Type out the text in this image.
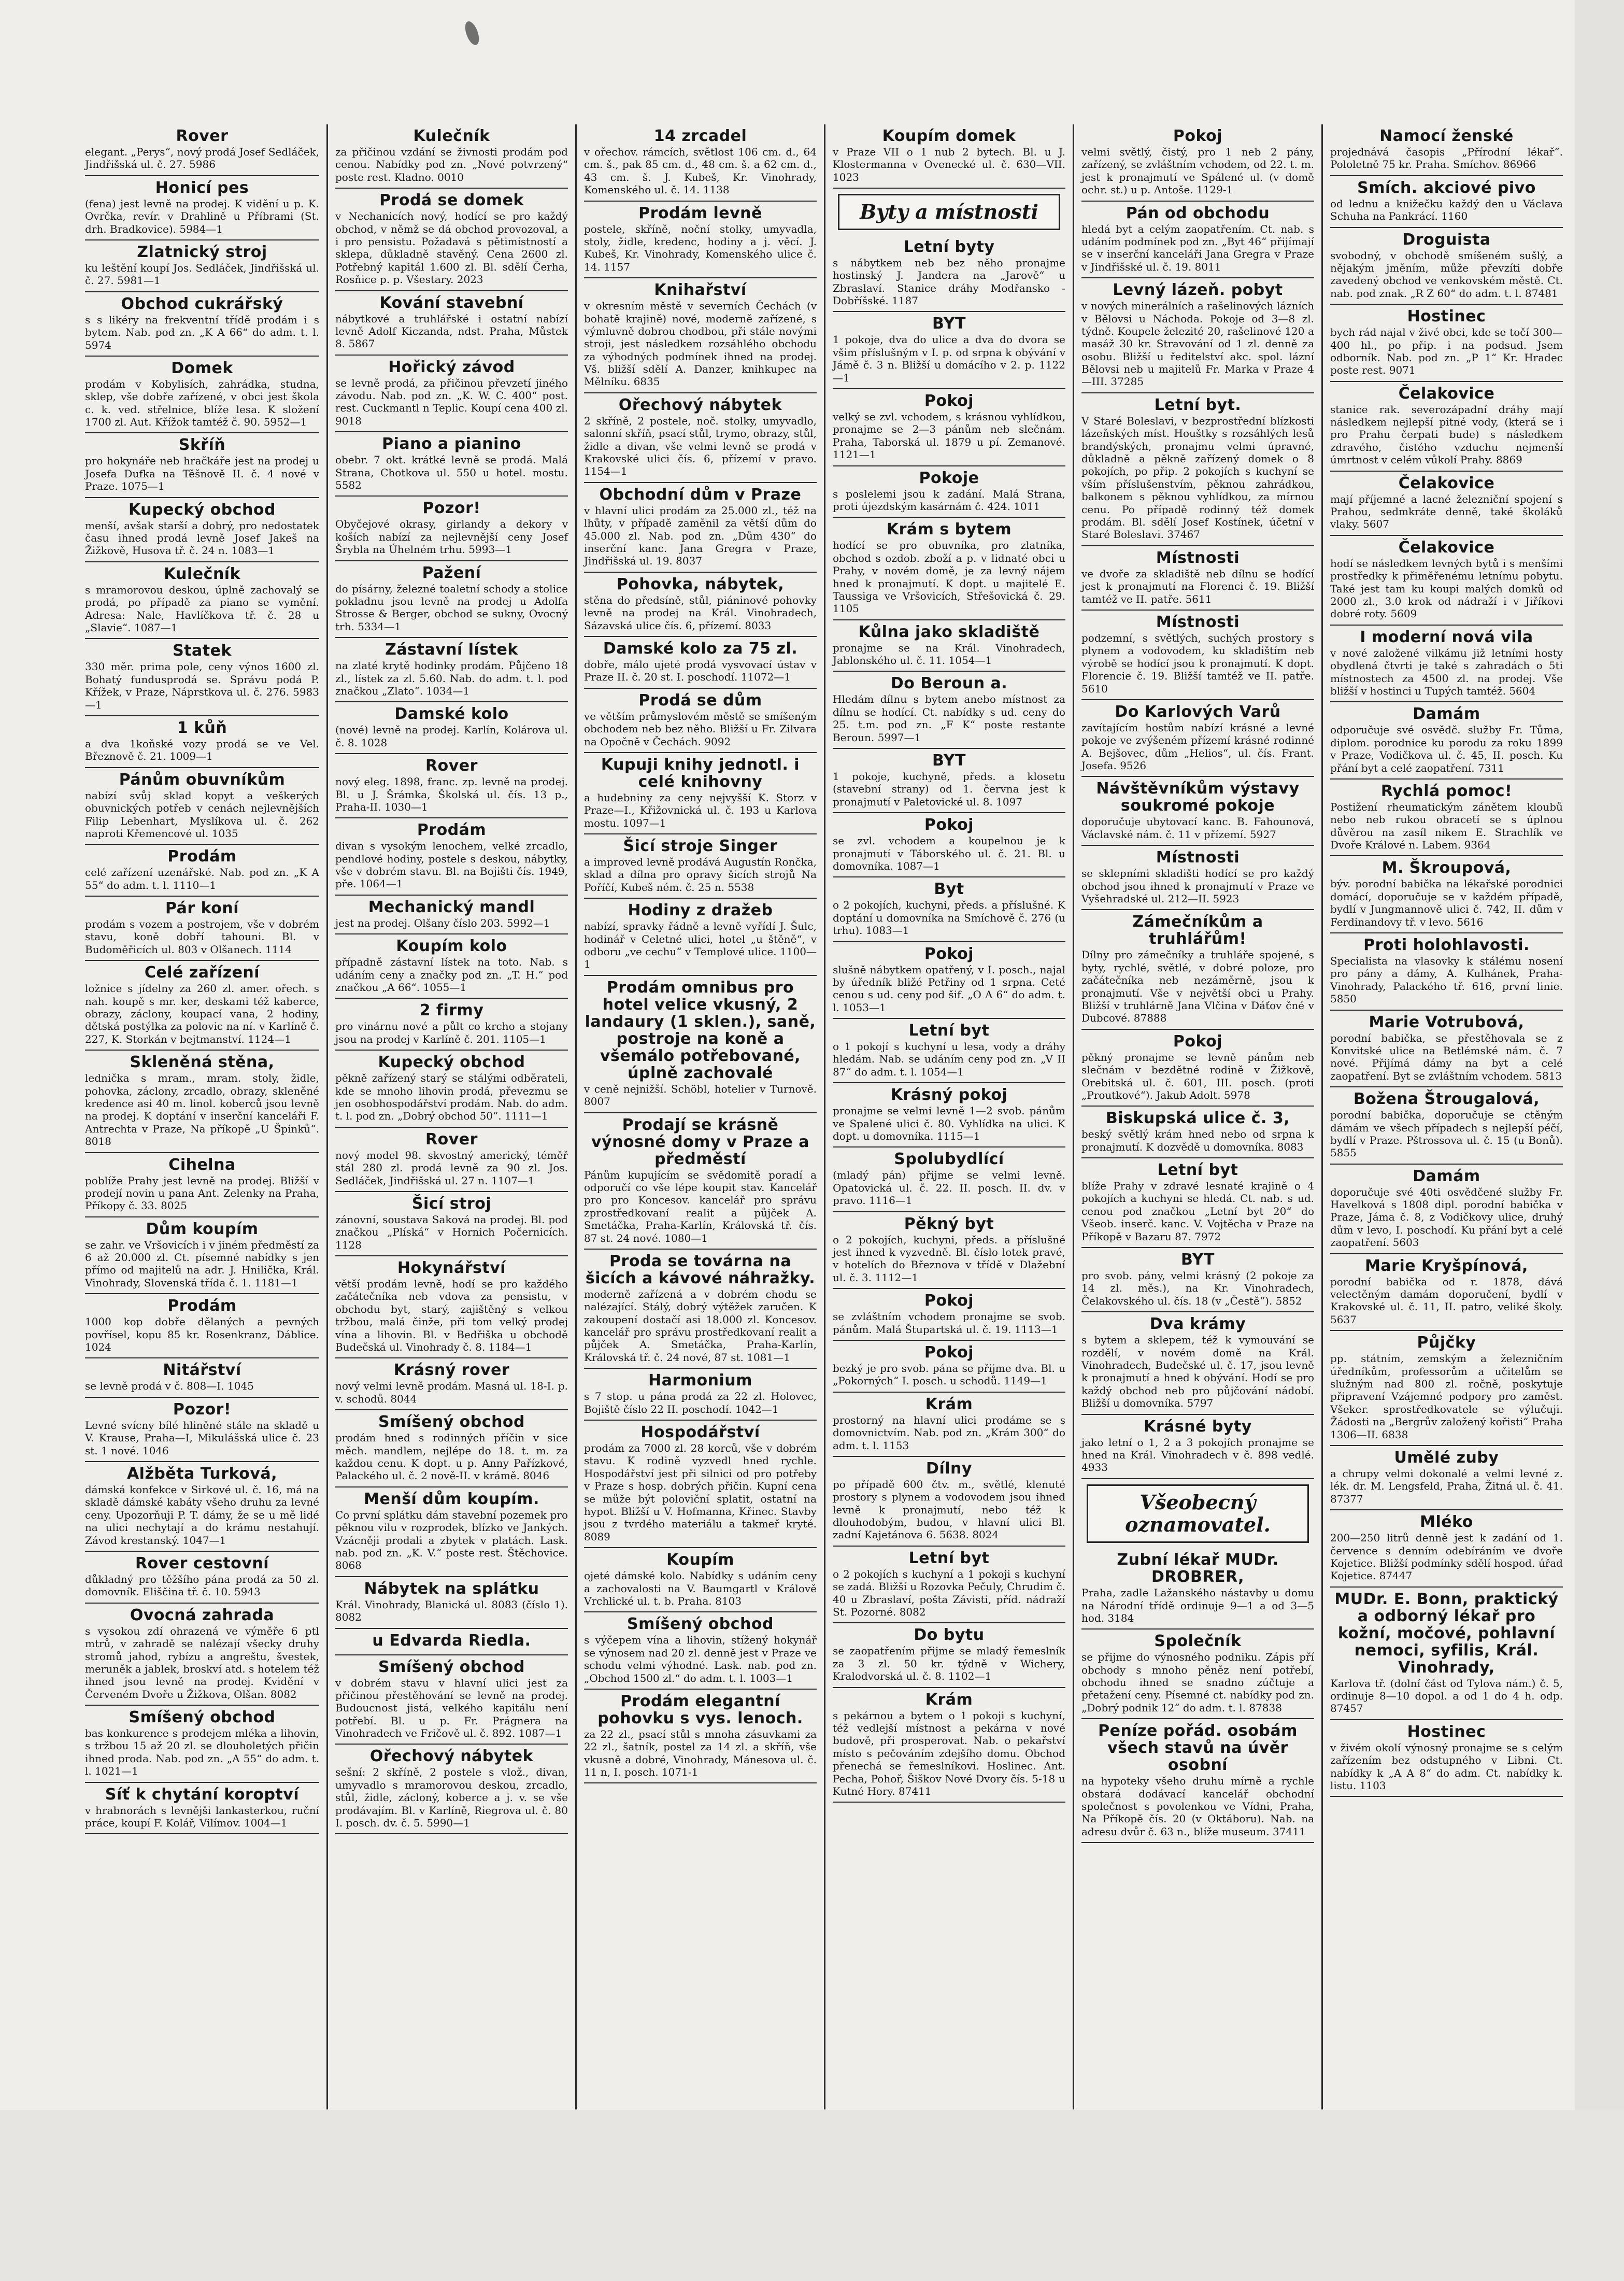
Rover
elegant. „Perys“, nový prodá Josef Sedláček, Jindřišská ul. č. 27. 5986
Honicí pes
(fena) jest levně na prodej. K vidění u p. K. Ovrčka, revír. v Drahlině u Příbrami (St. drh. Bradkovice). 5984—1
Zlatnický stroj
ku leštění koupí Jos. Sedláček, Jindřišská ul. č. 27. 5981—1
Obchod cukrářský
s s likéry na frekventní třídě prodám i s bytem. Nab. pod zn. „K A 66“ do adm. t. l. 5974
Domek
prodám v Kobylisích, zahrádka, studna, sklep, vše dobře zařízené, v obci jest škola c. k. ved. střelnice, blíže lesa. K složení 1700 zl. Aut. Křížok tamtéž č. 90. 5952—1
Skříň
pro hokynáře neb hračkáře jest na prodej u Josefa Dufka na Těšnově II. č. 4 nové v Praze. 1075—1
Kupecký obchod
menší, avšak starší a dobrý, pro nedostatek času ihned prodá levně Josef Jakeš na Žižkově, Husova tř. č. 24 n. 1083—1
Kulečník
s mramorovou deskou, úplně zachovalý se prodá, po případě za piano se vymění. Adresa: Nale, Havlíčkova tř. č. 28 u „Slavie“. 1087—1
Statek
330 měr. prima pole, ceny výnos 1600 zl. Bohatý fundusprodá se. Správu podá P. Křížek, v Praze, Náprstkova ul. č. 276. 5983—1
1 kůň
a dva 1koňské vozy prodá se ve Vel. Březnově č. 21. 1009—1
Pánům obuvníkům
nabízí svůj sklad kopyt a veškerých obuvnických potřeb v cenách nejlevnějších Filip Lebenhart, Myslíkova ul. č. 262 naproti Křemencové ul. 1035
Prodám
celé zařízení uzenářské. Nab. pod zn. „K A 55“ do adm. t. l. 1110—1
Pár koní
prodám s vozem a postrojem, vše v dobrém stavu, koně dobří tahouni. Bl. v Budoměřicích ul. 803 v Olšanech. 1114
Celé zařízení
ložnice s jídelny za 260 zl. amer. ořech. s nah. koupě s mr. ker, deskami též kaberce, obrazy, záclony, koupací vana, 2 hodiny, dětská postýlka za polovic na ní. v Karlíně č. 227, K. Storkán v bejtmanství. 1124—1
Skleněná stěna,
lednička s mram., mram. stoly, židle, pohovka, záclony, zrcadlo, obrazy, skleněné kredence asi 40 m. linol. koberců jsou levně na prodej. K doptání v inserční kanceláři F. Antrechta v Praze, Na příkopě „U Špinků“. 8018
Cihelna
poblíže Prahy jest levně na prodej. Bližší v prodejí novin u pana Ant. Zelenky na Praha, Příkopy č. 33. 8025
Dům koupím
se zahr. ve Vršovicích i v jiném předměstí za 6 až 20.000 zl. Ct. písemné nabídky s jen přímo od majitelů na adr. J. Hnilička, Král. Vinohrady, Slovenská třída č. 1. 1181—1
Prodám
1000 kop dobře dělaných a pevných povřísel, kopu 85 kr. Rosenkranz, Dáblice. 1024
Nitářství
se levně prodá v č. 808—I. 1045
Pozor!
Levné svícny bílé hliněné stále na skladě u V. Krause, Praha—I, Mikulášská ulice č. 23 st. 1 nové. 1046
Alžběta Turková,
dámská konfekce v Sirkové ul. č. 16, má na skladě dámské kabáty všeho druhu za levné ceny. Upozorňuji P. T. dámy, že se u mě lidé na ulici nechytají a do krámu nestahují. Závod krestanský. 1047—1
Rover cestovní
důkladný pro těžšího pána prodá za 50 zl. domovník. Eliščina tř. č. 10. 5943
Ovocná zahrada
s vysokou zdí ohrazená ve výměře 6 ptl mtrů, v zahradě se nalézají všecky druhy stromů jahod, rybízu a angreštu, švestek, meruněk a jablek, broskví atd. s hotelem též ihned jsou levně na prodej. Kvidění v Červeném Dvoře u Žižkova, Olšan. 8082
Smíšený obchod
bas konkurence s prodejem mléka a lihovin, s tržbou 15 až 20 zl. se dlouholetých přičin ihned proda. Nab. pod zn. „A 55“ do adm. t. l. 1021—1
Síť k chytání koroptví
v hrabnorách s levnějši lankasterkou, ruční práce, koupí F. Kolář, Vilímov. 1004—1
Kulečník
za přičinou vzdání se živnosti prodám pod cenou. Nabídky pod zn. „Nové potvrzený“ poste rest. Kladno. 0010
Prodá se domek
v Nechanicích nový, hodící se pro každý obchod, v němž se dá obchod provozoval, a i pro pensistu. Požadavá s pětimístností a sklepa, důkladně stavěný. Cena 2600 zl. Potřebný kapitál 1.600 zl. Bl. sdělí Čerha, Rosňice p. p. Všestary. 2023
Kování stavební
nábytkové a truhlářské i ostatní nabízí levně Adolf Kiczanda, ndst. Praha, Můstek 8. 5867
Hořický závod
se levně prodá, za přičinou převzetí jiného závodu. Nab. pod zn. „K. W. C. 400“ post. rest. Cuckmantl n Teplic. Koupí cena 400 zl. 9018
Piano a pianino
obebr. 7 okt. krátké levně se prodá. Malá Strana, Chotkova ul. 550 u hotel. mostu. 5582
Pozor!
Obyčejové okrasy, girlandy a dekory v koších nabízí za nejlevnější ceny Josef Šrybla na Úhelném trhu. 5993—1
Pažení
do písárny, železné toaletní schody a stolice pokladnu jsou levně na prodej u Adolfa Strosse & Berger, obchod se sukny, Ovocný trh. 5334—1
Zástavní lístek
na zlaté krytě hodinky prodám. Půjčeno 18 zl., lístek za zl. 5.60. Nab. do adm. t. l. pod značkou „Zlato“. 1034—1
Damské kolo
(nové) levně na prodej. Karlín, Kolárova ul. č. 8. 1028
Rover
nový eleg. 1898, franc. zp. levně na prodej. Bl. u J. Šrámka, Školská ul. čís. 13 p., Praha-II. 1030—1
Prodám
divan s vysokým lenochem, velké zrcadlo, pendlové hodiny, postele s deskou, nábytky, vše v dobrém stavu. Bl. na Bojišti čís. 1949, pře. 1064—1
Mechanický mandl
jest na prodej. Olšany číslo 203. 5992—1
Koupím kolo
případně zástavní lístek na toto. Nab. s udáním ceny a značky pod zn. „T. H.“ pod značkou „A 66“. 1055—1
2 firmy
pro vinárnu nové a půlt co krcho a stojany jsou na prodej v Karlíně č. 201. 1105—1
Kupecký obchod
pěkně zařízený starý se stálými odběrateli, kde se mnoho lihovin prodá, převezmu se jen osobhospodářství prodám. Nab. do adm. t. l. pod zn. „Dobrý obchod 50“. 1111—1
Rover
nový model 98. skvostný americký, téměř stál 280 zl. prodá levně za 90 zl. Jos. Sedláček, Jindřišská ul. 27 n. 1107—1
Šicí stroj
zánovní, soustava Saková na prodej. Bl. pod značkou „Plíská“ v Hornich Počernicích. 1128
Hokynářství
větší prodám levně, hodí se pro každého začátečníka neb vdova za pensistu, v obchodu byt, starý, zajištěný s velkou tržbou, malá činže, při tom velký prodej vína a lihovin. Bl. v Bedřiška u obchodě Budečská ul. Vinohrady č. 8. 1184—1
Krásný rover
nový velmi levně prodám. Masná ul. 18-I. p. v. schodů. 8044
Smíšený obchod
prodám hned s rodinných příčin v sice měch. mandlem, nejlépe do 18. t. m. za každou cenu. K dopt. u p. Anny Pařízkové, Palackého ul. č. 2 nově-II. v krámě. 8046
Menší dům koupím.
Co první splátku dám stavební pozemek pro pěknou vilu v rozprodek, blízko ve Jankých. Vzácněji prodali a zbytek v platách. Lask. nab. pod zn. „K. V.“ poste rest. Štěchovice. 8068
Nábytek na splátku
Král. Vinohrady, Blanická ul. 8083 (číslo 1). 8082
u Edvarda Riedla.
Smíšený obchod
v dobrém stavu v hlavní ulici jest za přičinou přestěhování se levně na prodej. Budoucnost jistá, velkého kapitálu není potřebí. Bl. u p. Fr. Prágnera na Vinohradech ve Fričově ul. č. 892. 1087—1
Ořechový nábytek
sešní: 2 skříně, 2 postele s vlož., divan, umyvadlo s mramorovou deskou, zrcadlo, stůl, židle, zácloný, koberce a j. v. se vše prodávajím. Bl. v Karlíně, Riegrova ul. č. 80 I. posch. dv. č. 5. 5990—1
14 zrcadel
v ořechov. rámcích, světlost 106 cm. d., 64 cm. š., pak 85 cm. d., 48 cm. š. a 62 cm. d., 43 cm. š. J. Kubeš, Kr. Vinohrady, Komenského ul. č. 14. 1138
Prodám levně
postele, skříně, noční stolky, umyvadla, stoly, židle, kredenc, hodiny a j. věcí. J. Kubeš, Kr. Vinohrady, Komenského ulice č. 14. 1157
Knihařství
v okresním městě v severních Čechách (v bohatě krajině) nové, moderně zařízené, s výmluvně dobrou chodbou, při stále novými stroji, jest následkem rozsáhlého obchodu za výhodných podmínek ihned na prodej. Vš. bližší sdělí A. Danzer, knihkupec na Mělníku. 6835
Ořechový nábytek
2 skříně, 2 postele, noč. stolky, umyvadlo, salonní skříň, psací stůl, trymo, obrazy, stůl, židle a divan, vše velmi levně se prodá v Krakovské ulici čís. 6, přízemí v pravo. 1154—1
Obchodní dům v Praze
v hlavní ulici prodám za 25.000 zl., též na lhůty, v případě zaměnil za větší dům do 45.000 zl. Nab. pod zn. „Dům 430“ do inserční kanc. Jana Gregra v Praze, Jindřišská ul. 19. 8037
Pohovka, nábytek,
stěna do předsíně, stůl, piáninové pohovky levně na prodej na Král. Vinohradech, Sázavská ulice čís. 6, přízemí. 8033
Damské kolo za 75 zl.
dobře, málo ujeté prodá vysvovací ústav v Praze II. č. 20 st. I. poschodí. 11072—1
Prodá se dům
ve větším průmyslovém městě se smíšeným obchodem neb bez něho. Bližší u Fr. Zilvara na Opočně v Čechách. 9092
Kupuji knihy jednotl. i celé knihovny
a hudebniny za ceny nejvyšší K. Storz v Praze—I., Křižovnická ul. č. 193 u Karlova mostu. 1097—1
Šicí stroje Singer
a improved levně prodává Augustín Rončka, sklad a dílna pro opravy šicích strojů Na Poříčí, Kubeš ném. č. 25 n. 5538
Hodiny z dražeb
nabízí, spravky řádně a levně vyřídí J. Šulc, hodinář v Celetné ulici, hotel „u štěně“, v odboru „ve cechu“ v Templové ulice. 1100—1
Prodám omnibus pro hotel velice vkusný, 2 landaury (1 sklen.), saně, postroje na koně a všemálo potřebované, úplně zachovalé
v ceně nejnižší. Schöbl, hotelier v Turnově. 8007
Prodají se krásně výnosné domy v Praze a předměstí
Pánům kupujícím se svědomitě poradí a odporučí co vše lépe koupit stav. Kancelář pro pro Koncesov. kancelář pro správu zprostředkovaní realit a půjček A. Smetáčka, Praha-Karlín, Královská tř. čís. 87 st. 24 nové. 1080—1
Proda se továrna na šicích a kávové náhražky.
moderně zařízená a v dobrém chodu se nalézající. Stálý, dobrý výtěžek zaručen. K zakoupení dostačí asi 18.000 zl. Koncesov. kancelář pro správu prostředkovaní realit a půjček A. Smetáčka, Praha-Karlín, Královská tř. č. 24 nové, 87 st. 1081—1
Harmonium
s 7 stop. u pána prodá za 22 zl. Holovec, Bojiště číslo 22 II. poschodí. 1042—1
Hospodářství
prodám za 7000 zl. 28 korců, vše v dobrém stavu. K rodině vyzvedl hned rychle. Hospodářství jest při silnici od pro potřeby v Praze s hosp. dobrých přičin. Kupní cena se může být poloviční splatit, ostatní na hypot. Bližší u V. Hofmanna, Křinec. Stavby jsou z tvrdého materiálu a takmeř kryté. 8089
Koupím
ojeté dámské kolo. Nabídky s udáním ceny a zachovalosti na V. Baumgartl v Králově Vrchlické ul. t. b. Praha. 8103
Smíšený obchod
s výčepem vína a lihovin, stížený hokynář se výnosem nad 20 zl. denně jest v Praze ve schodu velmi výhodné. Lask. nab. pod zn. „Obchod 1500 zl.“ do adm. t. l. 1003—1
Prodám elegantní pohovku s vys. lenoch.
za 22 zl., psací stůl s mnoha zásuvkami za 22 zl., šatník, postel za 14 zl. a skříň, vše vkusně a dobré, Vinohrady, Mánesova ul. č. 11 n, I. posch. 1071-1
Koupím domek
v Praze VII o 1 nub 2 bytech. Bl. u J. Klostermanna v Ovenecké ul. č. 630—VII. 1023
Byty a místnosti
Letní byty
s nábytkem neb bez něho pronajme hostinský J. Jandera na „Jarově“ u Zbraslaví. Stanice dráhy Modřansko - Dobříšské. 1187
BYT
1 pokoje, dva do ulice a dva do dvora se všim příslušným v I. p. od srpna k obývání v Jámě č. 3 n. Bližší u domácího v 2. p. 1122—1
Pokoj
velký se zvl. vchodem, s krásnou vyhlídkou, pronajme se 2—3 pánům neb slečnám. Praha, Taborská ul. 1879 u pí. Zemanové. 1121—1
Pokoje
s poslelemi jsou k zadání. Malá Strana, proti újezdským kasárnám č. 424. 1011
Krám s bytem
hodící se pro obuvníka, pro zlatníka, obchod s ozdob. zboží a p. v lidnaté obci u Prahy, v novém domě, je za levný nájem hned k pronajmutí. K dopt. u majitelé E. Taussiga ve Vršovicích, Střešovická č. 29. 1105
Kůlna jako skladiště
pronajme se na Král. Vinohradech, Jablonského ul. č. 11. 1054—1
Do Beroun a.
Hledám dílnu s bytem anebo místnost za dílnu se hodící. Ct. nabídky s ud. ceny do 25. t.m. pod zn. „F K“ poste restante Beroun. 5997—1
BYT
1 pokoje, kuchyně, předs. a klosetu (stavební strany) od 1. června jest k pronajmutí v Paletovické ul. 8. 1097
Pokoj
se zvl. vchodem a koupelnou je k pronajmutí v Táborského ul. č. 21. Bl. u domovníka. 1087—1
Byt
o 2 pokojích, kuchyni, předs. a příslušné. K doptání u domovníka na Smíchově č. 276 (u trhu). 1083—1
Pokoj
slušně nábytkem opatřený, v I. posch., najal by úředník bližé Petřiny od 1 srpna. Ceté cenou s ud. ceny pod šif. „O A 6“ do adm. t. l. 1053—1
Letní byt
o 1 pokojí s kuchyní u lesa, vody a dráhy hledám. Nab. se udáním ceny pod zn. „V II 87“ do adm. t. l. 1054—1
Krásný pokoj
pronajme se velmi levně 1—2 svob. pánům ve Spalené ulici č. 80. Vyhlídka na ulici. K dopt. u domovníka. 1115—1
Spolubydlící
(mladý pán) přijme se velmi levně. Opatovická ul. č. 22. II. posch. II. dv. v pravo. 1116—1
Pěkný byt
o 2 pokojích, kuchyni, předs. a příslušné jest ihned k vyzvedně. Bl. číslo lotek pravé, v hotelích do Březnova v třídě v Dlažební ul. č. 3. 1112—1
Pokoj
se zvláštním vchodem pronajme se svob. pánům. Malá Štupartská ul. č. 19. 1113—1
Pokoj
bezký je pro svob. pána se přijme dva. Bl. u „Pokorných“ I. posch. u schodů. 1149—1
Krám
prostorný na hlavní ulici prodáme se s domovnictvím. Nab. pod zn. „Krám 300“ do adm. t. l. 1153
Dílny
po případě 600 čtv. m., světlé, klenuté prostory s plynem a vodovodem jsou ihned levně k pronajmutí, nebo též k dlouhodobým, budou, v hlavní ulici Bl. zadní Kajetánova 6. 5638. 8024
Letní byt
o 2 pokojích s kuchyní a 1 pokoji s kuchyní se zadá. Bližší u Rozovka Pečuly, Chrudim č. 40 u Zbraslaví, pošta Závisti, příd. nádraží St. Pozorné. 8082
Do bytu
se zaopatřením přijme se mladý řemeslník za 3 zl. 50 kr. týdně v Wichery, Kralodvorská ul. č. 8. 1102—1
Krám
s pekárnou a bytem o 1 pokoji s kuchyní, též vedlejší místnost a pekárna v nové budově, při prosperovat. Nab. o pekařství místo s pečováním zdejšího domu. Obchod přenechá se řemeslníkovi. Hoslinec. Ant. Pecha, Pohoř, Šiškov Nové Dvory čís. 5-18 u Kutné Hory. 87411
Pokoj
velmi světlý, čistý, pro 1 neb 2 pány, zařízený, se zvláštním vchodem, od 22. t. m. jest k pronajmutí ve Spálené ul. (v domě ochr. st.) u p. Antoše. 1129-1
Pán od obchodu
hledá byt a celým zaopatřením. Ct. nab. s udáním podmínek pod zn. „Byt 46“ přijímají se v inserční kanceláři Jana Gregra v Praze v Jindřišské ul. č. 19. 8011
Levný lázeň. pobyt
v nových minerálních a rašelinových lázních v Bělovsi u Náchoda. Pokoje od 3—8 zl. týdně. Koupele železité 20, rašelinové 120 a masáž 30 kr. Stravování od 1 zl. denně za osobu. Bližší u ředitelství akc. spol. lázní Bělovsi neb u majitelů Fr. Marka v Praze 4—III. 37285
Letní byt.
V Staré Boleslavi, v bezprostřední blízkosti lázeňských míst. Houštky s rozsáhlých lesů brandýských, pronajmu velmi úpravné, důkladně a pěkně zařízený domek o 8 pokojích, po přip. 2 pokojích s kuchyní se vším příslušenstvím, pěknou zahrádkou, balkonem s pěknou vyhlídkou, za mírnou cenu. Po případě rodinný též domek prodám. Bl. sdělí Josef Kostínek, účetní v Staré Boleslavi. 37467
Místnosti
ve dvoře za skladiště neb dílnu se hodící jest k pronajmutí na Florenci č. 19. Bližší tamtéž ve II. patře. 5611
Místnosti
podzemní, s světlých, suchých prostory s plynem a vodovodem, ku skladištím neb výrobě se hodící jsou k pronajmutí. K dopt. Florencie č. 19. Bližší tamtéž ve II. patře. 5610
Do Karlových Varů
zavítajícím hostům nabízí krásné a levné pokoje ve zvýšeném přízemí krásné rodinné A. Bejšovec, dům „Helios“, ul. čís. Frant. Josefa. 9526
Návštěvníkům výstavy soukromé pokoje
doporučuje ubytovací kanc. B. Fahounová, Václavské nám. č. 11 v přízemí. 5927
Místnosti
se sklepními skladišti hodící se pro každý obchod jsou ihned k pronajmutí v Praze ve Vyšehradské ul. 212—II. 5923
Zámečníkům a truhlářům!
Dílny pro zámečníky a truhláře spojené, s byty, rychlé, světlé, v dobré poloze, pro začátečníka neb nezáměrně, jsou k pronajmutí. Vše v největší obci u Prahy. Bližší v truhlárně Jana Vlčina v Dáťov čné v Dubcové. 87888
Pokoj
pěkný pronajme se levně pánům neb slečnám v bezdětné rodině v Žižkově, Orebitská ul. č. 601, III. posch. (proti „Proutkové“). Jakub Adolt. 5978
Biskupská ulice č. 3,
beský světlý krám hned nebo od srpna k pronajmutí. K dozvědě u domovníka. 8083
Letní byt
blíže Prahy v zdravé lesnaté krajině o 4 pokojích a kuchyni se hledá. Ct. nab. s ud. cenou pod značkou „Letní byt 20“ do Všeob. inserč. kanc. V. Vojtěcha v Praze na Příkopě v Bazaru 87. 7972
BYT
pro svob. pány, velmi krásný (2 pokoje za 14 zl. měs.), na Kr. Vinohradech, Čelakovského ul. čís. 18 (v „Čestě“). 5852
Dva krámy
s bytem a sklepem, též k vymouvání se rozdělí, v novém domě na Král. Vinohradech, Budečské ul. č. 17, jsou levně k pronajmutí a hned k obývání. Hodí se pro každý obchod neb pro půjčování nádobí. Bližší u domovníka. 5797
Krásné byty
jako letní o 1, 2 a 3 pokojích pronajme se hned na Král. Vinohradech v č. 898 vedlé. 4933
Všeobecný oznamovatel.
Zubní lékař MUDr. DROBRER,
Praha, zadle Lažanského nástavby u domu na Národní třídě ordinuje 9—1 a od 3—5 hod. 3184
Společník
se přijme do výnosného podniku. Zápis pří obchody s mnoho pěněz není potřebí, obchodu ihned se snadno zúčtuje a přetažení ceny. Písemné ct. nabídky pod zn. „Dobrý podnik 12“ do adm. t. l. 87838
Peníze pořád. osobám všech stavů na úvěr osobní
na hypoteky všeho druhu mírně a rychle obstará dodávací kancelář obchodní společnost s povolenkou ve Vídni, Praha, Na Příkopě čís. 20 (v Oktáboru). Nab. na adresu dvůr č. 63 n., blíže museum. 37411
Namocí ženské
projednává časopis „Přírodní lékař“. Pololetně 75 kr. Praha. Smíchov. 86966
Smích. akciové pivo
od lednu a knižečku každý den u Václava Schuha na Pankrácí. 1160
Droguista
svobodný, v obchodě smíšeném sušlý, a nějakým jměním, může převzíti dobře zavedený obchod ve venkovském městě. Ct. nab. pod znak. „R Z 60“ do adm. t. l. 87481
Hostinec
bych rád najal v živé obci, kde se točí 300—400 hl., po přip. i na podsud. Jsem odborník. Nab. pod zn. „P 1“ Kr. Hradec poste rest. 9071
Čelakovice
stanice rak. severozápadní dráhy mají následkem nejlepší pitné vody, (která se i pro Prahu čerpati bude) s následkem zdravého, čistého vzduchu nejmenší úmrtnost v celém vůkolí Prahy. 8869
Čelakovice
mají příjemné a lacné železniční spojení s Prahou, sedmkráte denně, také školáků vlaky. 5607
Čelakovice
hodí se následkem levných bytů i s menšími prostředky k přiměřenému letnímu pobytu. Také jest tam ku koupi malých domků od 2000 zl., 3.0 krok od nádraží i v Jiříkovi dobré roty. 5609
I moderní nová vila
v nové založené vilkámu již letními hosty obydlená čtvrti je také s zahradách o 5ti místnostech za 4500 zl. na prodej. Vše bližší v hostinci u Tupých tamtéž. 5604
Damám
odporučuje své osvědč. služby Fr. Tůma, diplom. porodnice ku porodu za roku 1899 v Praze, Vodičkova ul. č. 45, II. posch. Ku přání byt a celé zaopatření. 7311
Rychlá pomoc!
Postižení rheumatickým zánětem kloubů nebo neb rukou obracetí se s úplnou důvěrou na zasíl nikem E. Strachlík ve Dvoře Králové n. Labem. 9364
M. Škroupová,
býv. porodní babička na lékařské porodnici domácí, doporučuje se v každém případě, bydlí v Jungmannově ulici č. 742, II. dům v Ferdinandovy tř. v levo. 5616
Proti holohlavosti.
Specialista na vlasovky k stálému nosení pro pány a dámy, A. Kulhánek, Praha-Vinohrady, Palackého tř. 616, první linie. 5850
Marie Votrubová,
porodní babička, se přestěhovala se z Konvitské ulice na Betlémské nám. č. 7 nové. Přijímá dámy na byt a celé zaopatření. Byt se zvláštním vchodem. 5813
Božena Štrougalová,
porodní babička, doporučuje se ctěným dámám ve všech případech s nejlepší péčí, bydlí v Praze. Pštrossova ul. č. 15 (u Bonů). 5855
Damám
doporučuje své 40ti osvědčené služby Fr. Havelková s 1808 dipl. porodní babička v Praze, Jáma č. 8, z Vodičkovy ulice, druhý dům v levo, I. poschodí. Ku přání byt a celé zaopatření. 5603
Marie Kryšpínová,
porodní babička od r. 1878, dává velectěným damám doporučení, bydlí v Krakovské ul. č. 11, II. patro, veliké školy. 5637
Půjčky
pp. státním, zemským a železničním úředníkům, professorům a učitelům se služným nad 800 zl. ročně, poskytuje připravení Vzájemné podpory pro zaměst. Všeker. sprostředkovatele se výlučuji. Žádosti na „Bergrův založený kořisti“ Praha 1306—II. 6838
Umělé zuby
a chrupy velmi dokonalé a velmi levné z. lék. dr. M. Lengsfeld, Praha, Žitná ul. č. 41. 87377
Mléko
200—250 litrů denně jest k zadání od 1. července s denním odebíráním ve dvoře Kojetice. Bližší podmínky sdělí hospod. úřad Kojetice. 87447
MUDr. E. Bonn, praktický a odborný lékař pro kožní, močové, pohlavní nemoci, syfilis, Král. Vinohrady,
Karlova tř. (dolní část od Tylova nám.) č. 5, ordinuje 8—10 dopol. a od 1 do 4 h. odp. 87457
Hostinec
v živém okolí výnosný pronajme se s celým zařízením bez odstupného v Libni. Ct. nabídky k „A A 8“ do adm. Ct. nabídky k. listu. 1103
